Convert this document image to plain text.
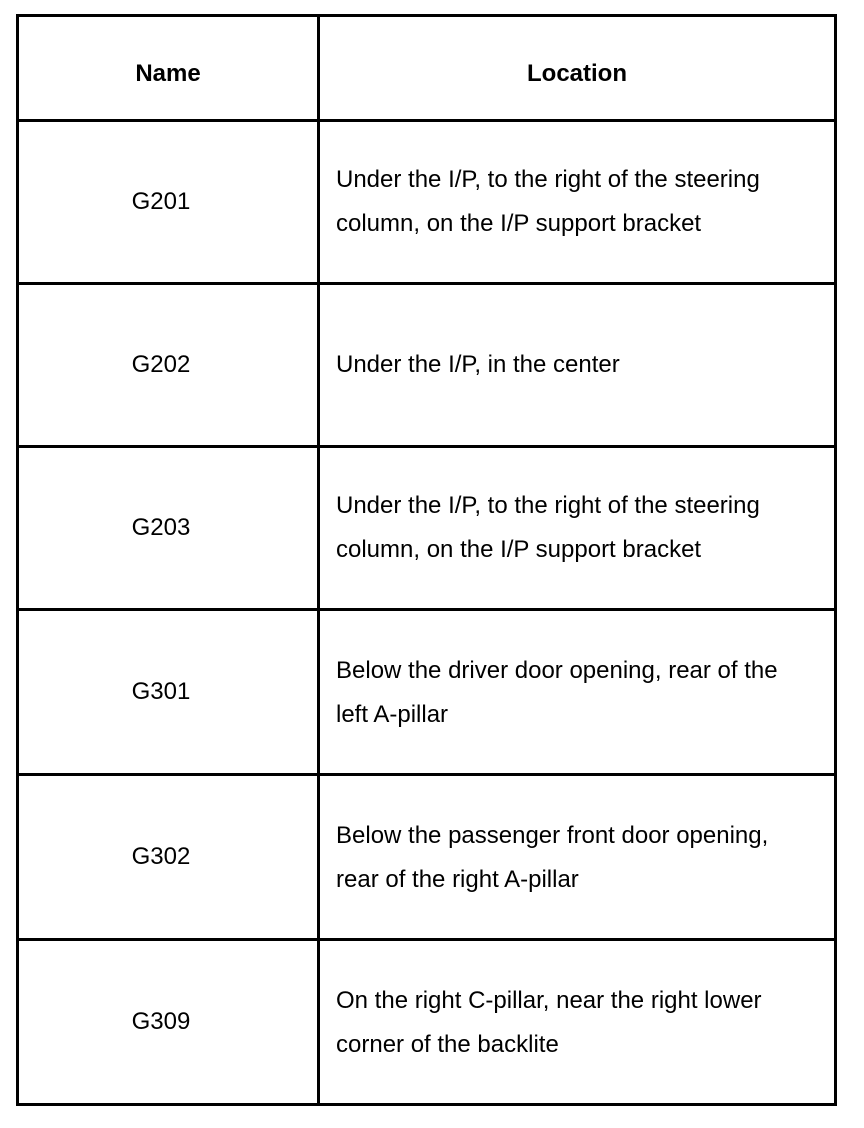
Name	Location
G201	Under the I/P, to the right of the steering column, on the I/P support bracket
G202	Under the I/P, in the center
G203	Under the I/P, to the right of the steering column, on the I/P support bracket
G301	Below the driver door opening, rear of the left A-pillar
G302	Below the passenger front door opening, rear of the right A-pillar
G309	On the right C-pillar, near the right lower corner of the backlite
